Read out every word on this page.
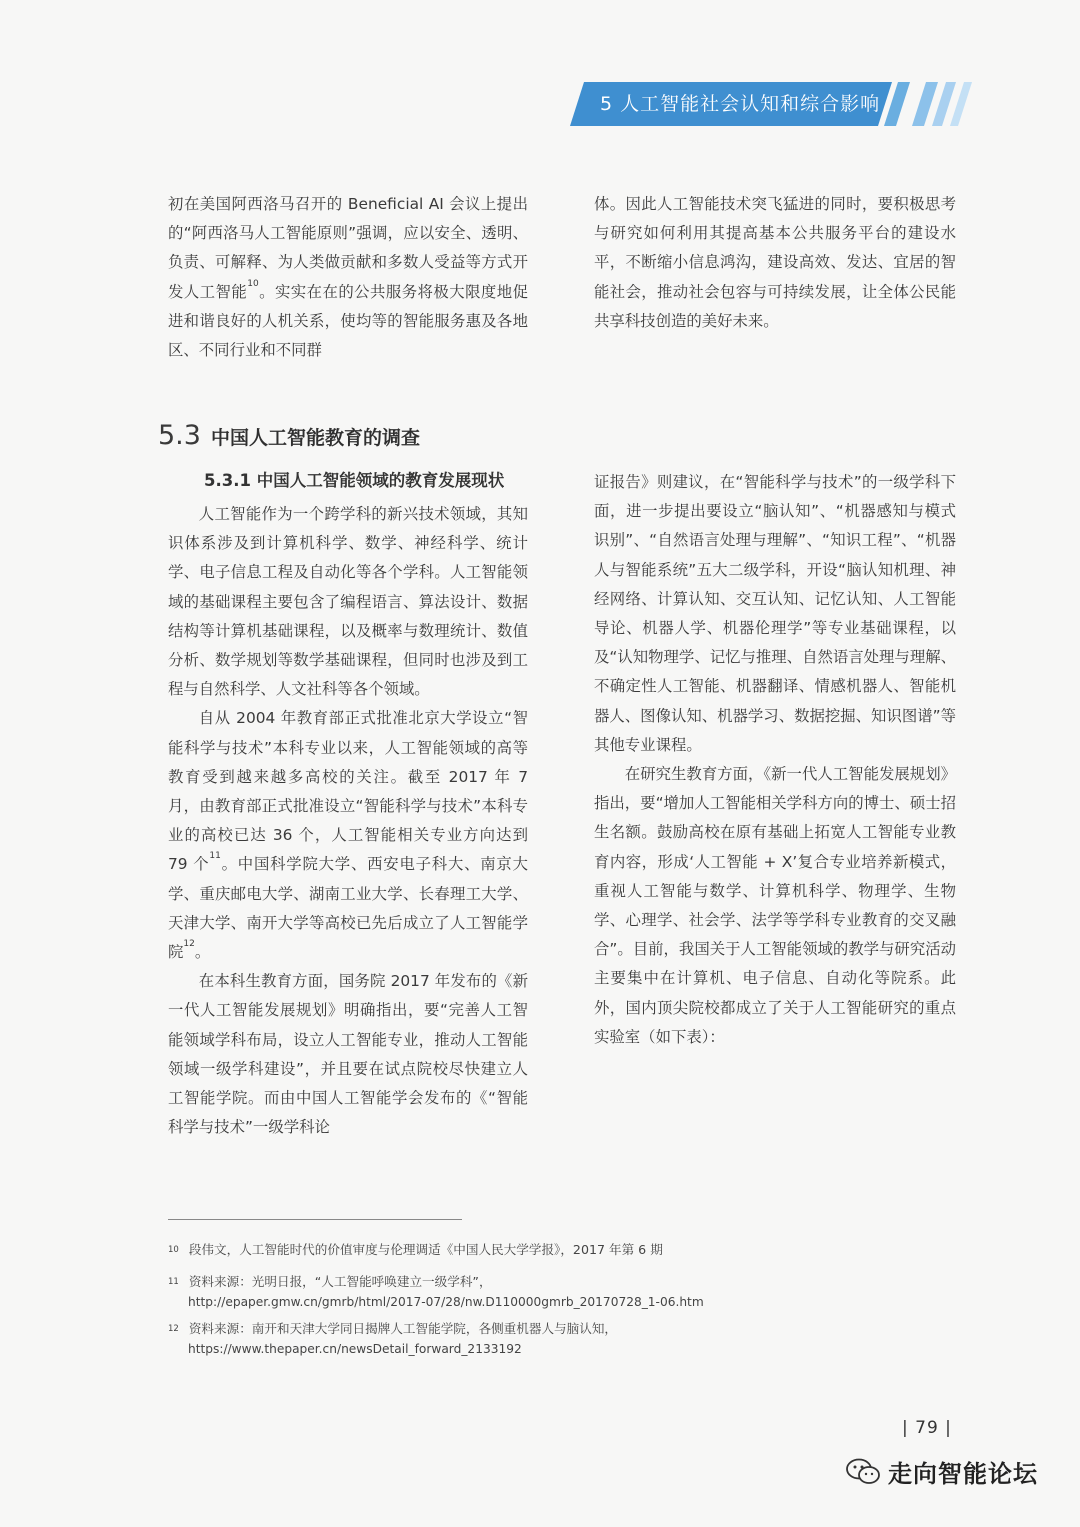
5 人工智能社会认知和综合影响

初在美国阿西洛马召开的 Beneficial AI 会议上提出的“阿西洛马人工智能原则”强调，应以安全、透明、负责、可解释、为人类做贡献和多数人受益等方式开发人工智能$^{10}$。实实在在的公共服务将极大限度地促进和谐良好的人机关系，使均等的智能服务惠及各地区、不同行业和不同群

体。因此人工智能技术突飞猛进的同时，要积极思考与研究如何利用其提高基本公共服务平台的建设水平，不断缩小信息鸿沟，建设高效、发达、宜居的智能社会，推动社会包容与可持续发展，让全体公民能共享科技创造的美好未来。

5.3 中国人工智能教育的调查
5.3.1 中国人工智能领域的教育发展现状

人工智能作为一个跨学科的新兴技术领域，其知识体系涉及到计算机科学、数学、神经科学、统计学、电子信息工程及自动化等各个学科。人工智能领域的基础课程主要包含了编程语言、算法设计、数据结构等计算机基础课程，以及概率与数理统计、数值分析、数学规划等数学基础课程，但同时也涉及到工程与自然科学、人文社科等各个领域。

自从 2004 年教育部正式批准北京大学设立“智能科学与技术”本科专业以来，人工智能领域的高等教育受到越来越多高校的关注。截至 2017 年 7 月，由教育部正式批准设立“智能科学与技术”本科专业的高校已达 36 个，人工智能相关专业方向达到 79 个$^{11}$。中国科学院大学、西安电子科大、南京大学、重庆邮电大学、湖南工业大学、长春理工大学、天津大学、南开大学等高校已先后成立了人工智能学院$^{12}$。

在本科生教育方面，国务院 2017 年发布的《新一代人工智能发展规划》明确指出，要“完善人工智能领域学科布局，设立人工智能专业，推动人工智能领域一级学科建设”，并且要在试点院校尽快建立人工智能学院。而由中国人工智能学会发布的《“智能科学与技术”一级学科论

证报告》则建议，在“智能科学与技术”的一级学科下面，进一步提出要设立“脑认知”、“机器感知与模式识别”、“自然语言处理与理解”、“知识工程”、“机器人与智能系统”五大二级学科，开设“脑认知机理、神经网络、计算认知、交互认知、记忆认知、人工智能导论、机器人学、机器伦理学”等专业基础课程，以及“认知物理学、记忆与推理、自然语言处理与理解、不确定性人工智能、机器翻译、情感机器人、智能机器人、图像认知、机器学习、数据挖掘、知识图谱”等其他专业课程。

在研究生教育方面，《新一代人工智能发展规划》指出，要“增加人工智能相关学科方向的博士、硕士招生名额。鼓励高校在原有基础上拓宽人工智能专业教育内容，形成‘人工智能 + X’复合专业培养新模式，重视人工智能与数学、计算机科学、物理学、生物学、心理学、社会学、法学等学科专业教育的交叉融合”。目前，我国关于人工智能领域的教学与研究活动主要集中在计算机、电子信息、自动化等院系。此外，国内顶尖院校都成立了关于人工智能研究的重点实验室（如下表）：

$^{10}$ 段伟文，人工智能时代的价值审度与伦理调适《中国人民大学学报》，2017 年第 6 期
$^{11}$ 资料来源：光明日报，“人工智能呼唤建立一级学科”，
http://epaper.gmw.cn/gmrb/html/2017-07/28/nw.D110000gmrb_20170728_1-06.htm
$^{12}$ 资料来源：南开和天津大学同日揭牌人工智能学院，各侧重机器人与脑认知，
https://www.thepaper.cn/newsDetail_forward_2133192
| 79 |
走向智能论坛
